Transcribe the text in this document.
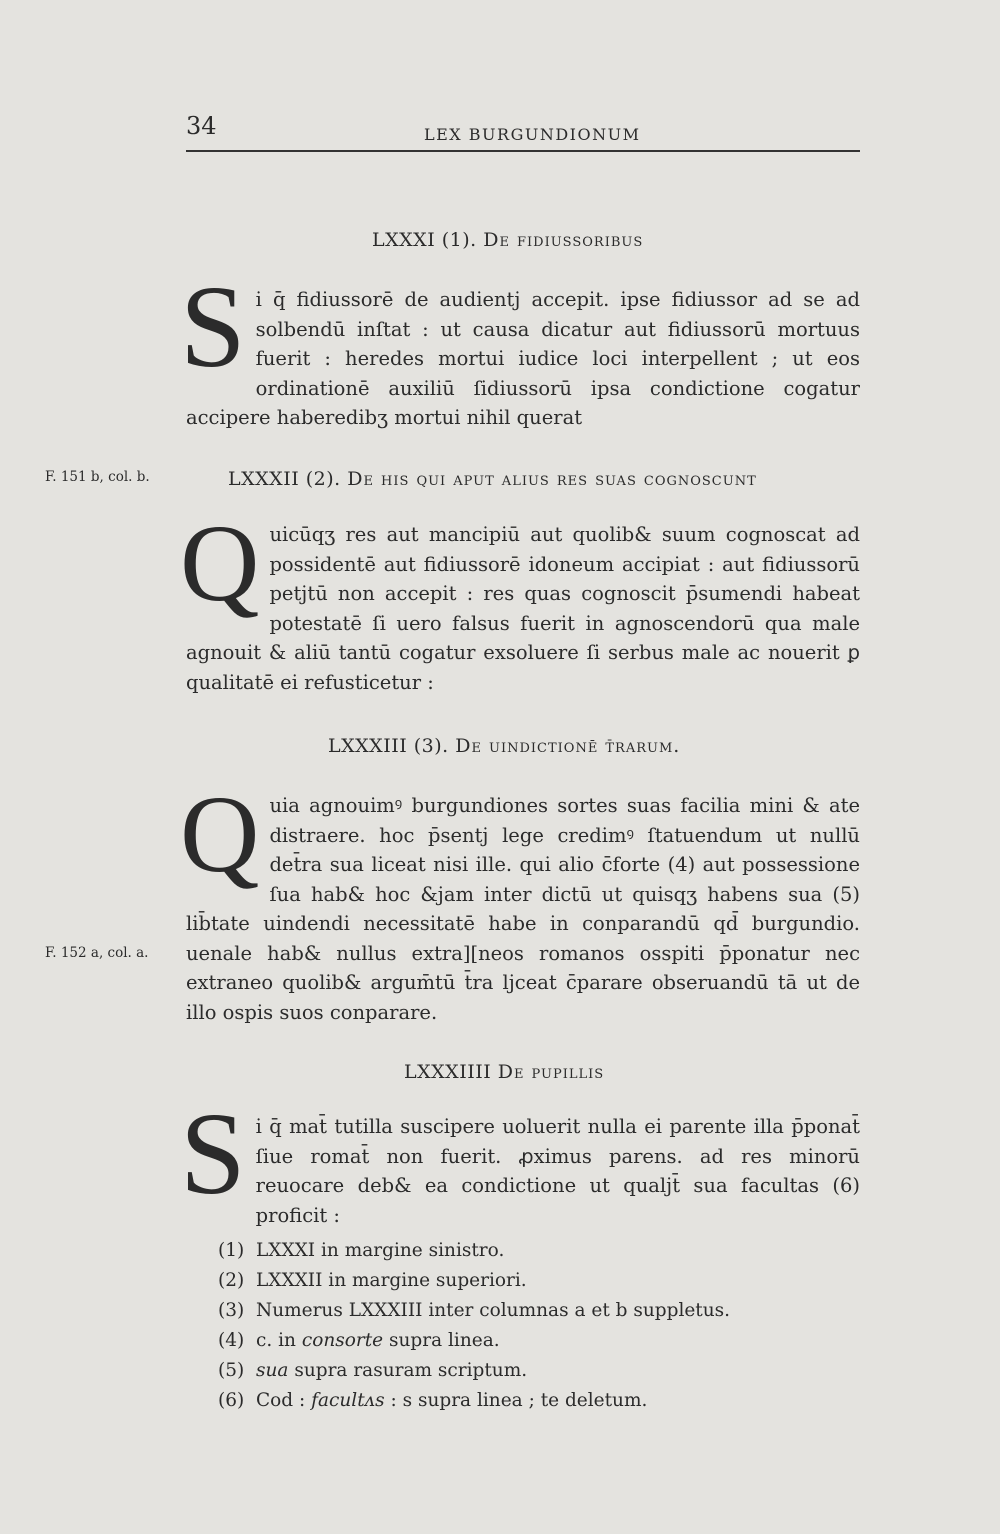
34	LEX BURGUNDIONUM
LXXXI (1). De fidiussoribus
Si q̄ fidiussorē de audientj accepit. ipse fidiussor ad se ad solbendū inſtat : ut causa dicatur aut fidiussorū mortuus fuerit : heredes mortui iudice loci interpellent ; ut eos ordinationē auxiliū ſidiussorū ipsa condictione cogatur accipere haberedibʒ mortui nihil querat
F. 151 b, col. b.	LXXXII (2). De his qui aput alius res suas cognoscunt
Quicūqʒ res aut mancipiū aut quolib& suum cognoscat ad possidentē aut fidiussorē idoneum accipiat : aut fidiussorū petjtū non accepit : res quas cognoscit p̄sumendi habeat potestatē ſi uero falsus fuerit in agnoscendorū qua male agnouit & aliū tantū cogatur exsoluere ſi serbus male ac nouerit ꝑ qualitatē ei refusticetur :
LXXXIII (3). De uindictionē t̄rarum.
Quia agnouimꝰ burgundiones sortes suas facilia mini & ate distraere. hoc p̄sentj lege credimꝰ ſtatuendum ut nullū det̄ra sua liceat nisi ille. qui alio c̄forte (4) aut possessione ſua hab& hoc &jam inter dictū ut quisqʒ habens sua (5) lib̄tate uindendi necessitatē habe in conparandū qd̄ burgundio. uenale hab& nullus extra][neos romanos osspiti p̄ponatur nec extraneo quolib& argum̄tū t̄ra ljceat c̄parare obseruandū tā ut de illo ospis suos conparare.
F. 152 a, col. a.
LXXXIIII De pupillis
Si q̄ mat̄ tutilla suscipere uoluerit nulla ei parente illa p̄ponat̄ ſiue romat̄ non fuerit. ꝓximus parens. ad res minorū reuocare deb& ea condictione ut qualjt̄ sua facultas (6) proficit :
(1) LXXXI in margine sinistro.
(2) LXXXII in margine superiori.
(3) Numerus LXXXIII inter columnas a et b suppletus.
(4) c. in consorte supra linea.
(5) sua supra rasuram scriptum.
(6) Cod : facultᴧs : s supra linea ; te deletum.
